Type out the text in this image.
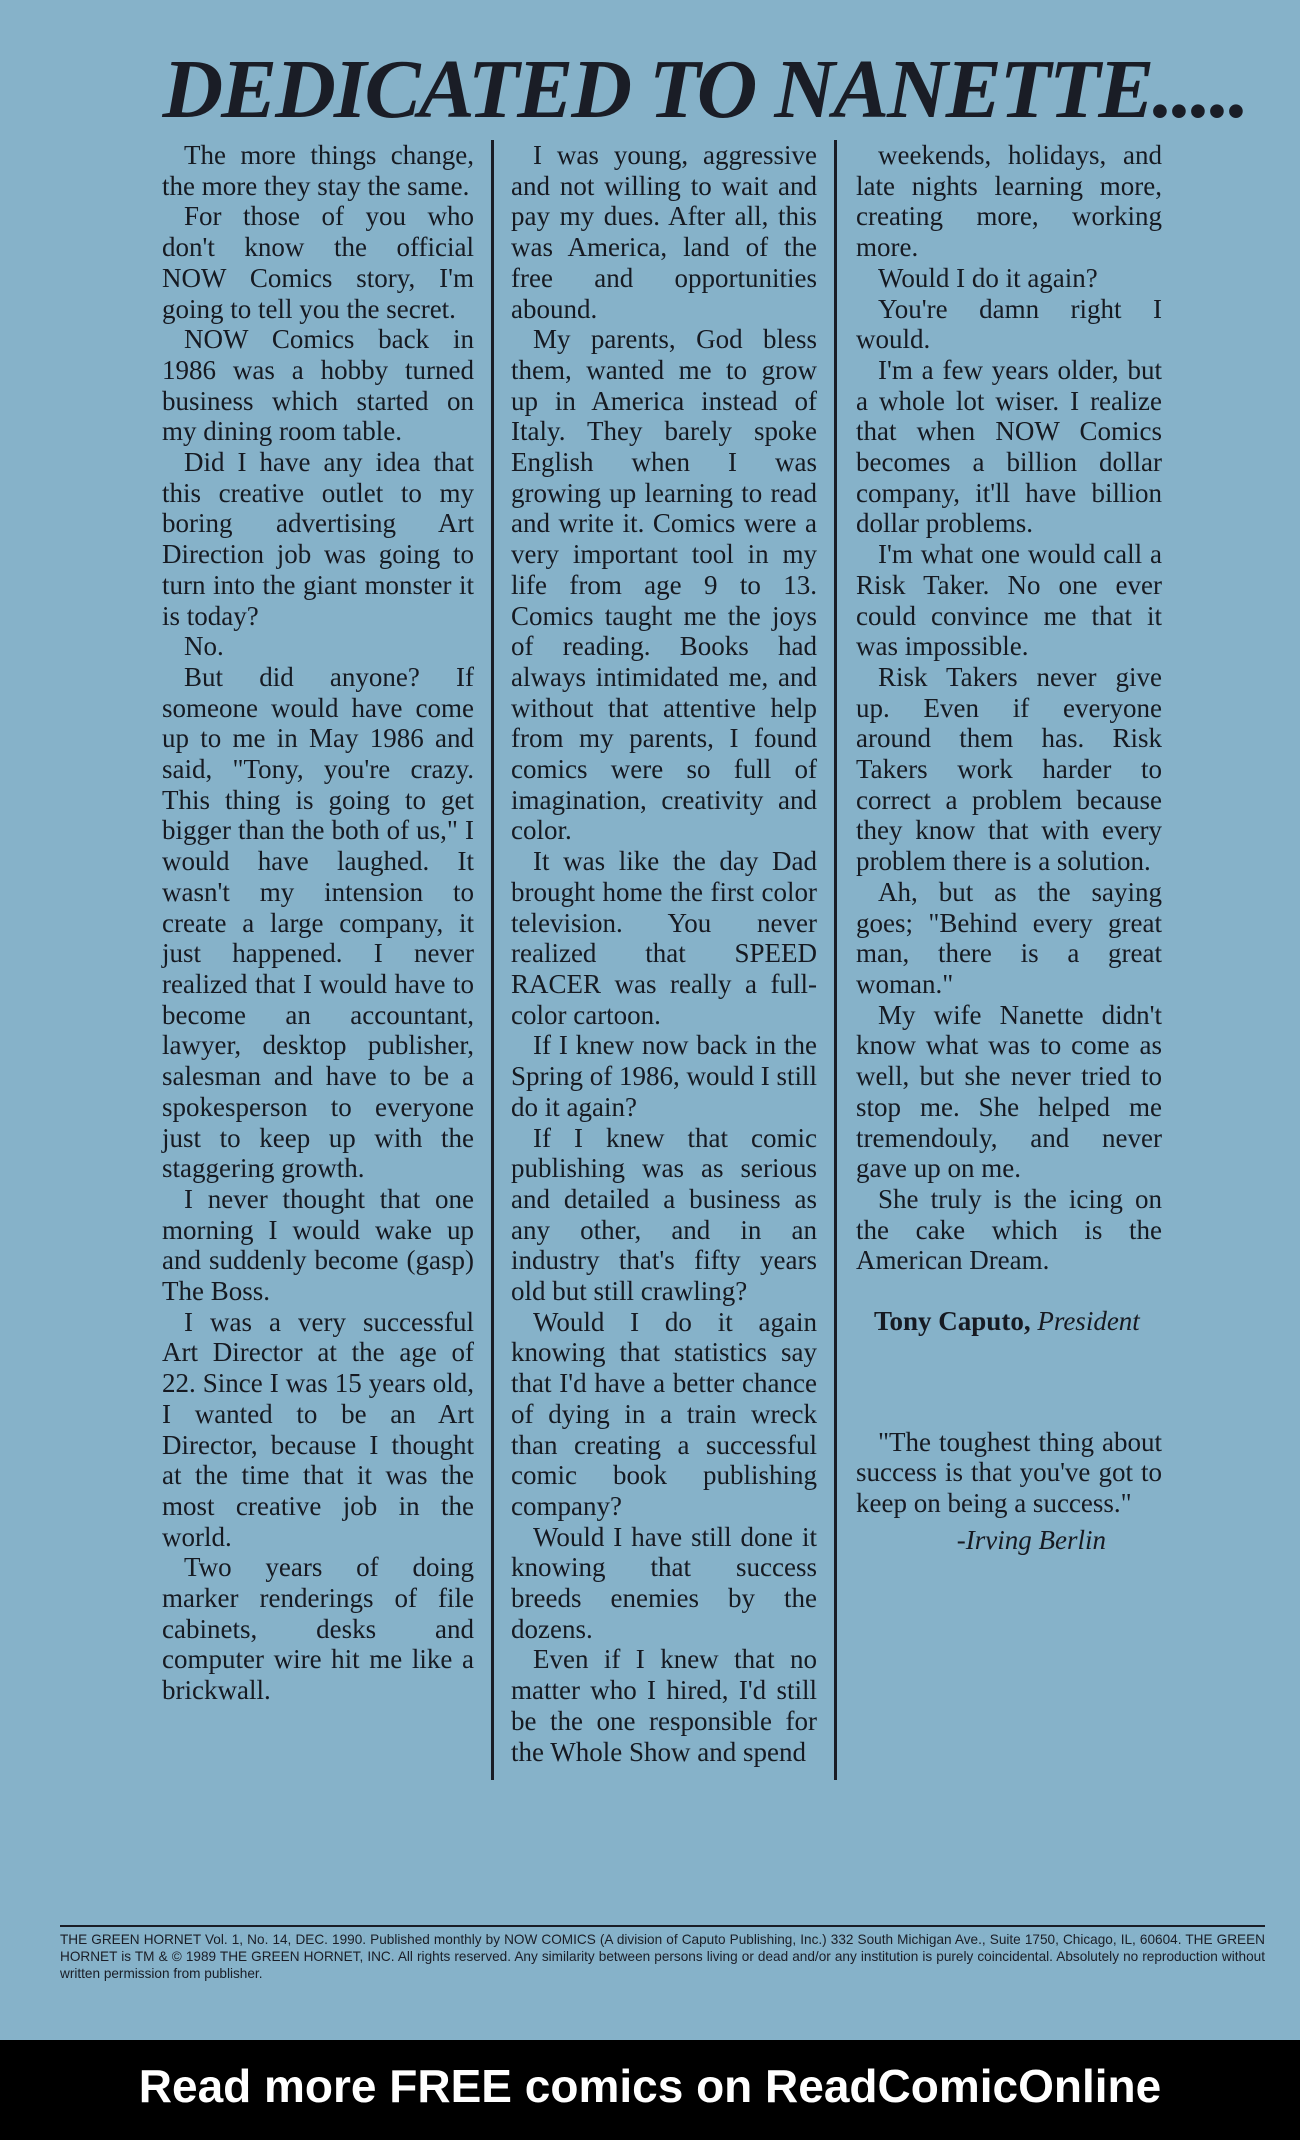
DEDICATED TO NANETTE.....

The more things change, the more they stay the same.

For those of you who don't know the official NOW Comics story, I'm going to tell you the secret.

NOW Comics back in 1986 was a hobby turned business which started on my dining room table.

Did I have any idea that this creative outlet to my boring advertising Art Direction job was going to turn into the giant monster it is today?

No.

But did anyone? If someone would have come up to me in May 1986 and said, "Tony, you're crazy. This thing is going to get bigger than the both of us," I would have laughed. It wasn't my intension to create a large company, it just happened. I never realized that I would have to become an accountant, lawyer, desktop publisher, salesman and have to be a spokesperson to everyone just to keep up with the staggering growth.

I never thought that one morning I would wake up and suddenly become (gasp) The Boss.

I was a very successful Art Director at the age of 22. Since I was 15 years old, I wanted to be an Art Director, because I thought at the time that it was the most creative job in the world.

Two years of doing marker renderings of file cabinets, desks and computer wire hit me like a brickwall.

I was young, aggressive and not willing to wait and pay my dues. After all, this was America, land of the free and opportunities abound.

My parents, God bless them, wanted me to grow up in America instead of Italy. They barely spoke English when I was growing up learning to read and write it. Comics were a very important tool in my life from age 9 to 13. Comics taught me the joys of reading. Books had always intimidated me, and without that attentive help from my parents, I found comics were so full of imagination, creativity and color.

It was like the day Dad brought home the first color television. You never realized that SPEED RACER was really a full-color cartoon.

If I knew now back in the Spring of 1986, would I still do it again?

If I knew that comic publishing was as serious and detailed a business as any other, and in an industry that's fifty years old but still crawling?

Would I do it again knowing that statistics say that I'd have a better chance of dying in a train wreck than creating a successful comic book publishing company?

Would I have still done it knowing that success breeds enemies by the dozens.

Even if I knew that no matter who I hired, I'd still be the one responsible for the Whole Show and spend

weekends, holidays, and late nights learning more, creating more, working more.

Would I do it again?

You're damn right I would.

I'm a few years older, but a whole lot wiser. I realize that when NOW Comics becomes a billion dollar company, it'll have billion dollar problems.

I'm what one would call a Risk Taker. No one ever could convince me that it was impossible.

Risk Takers never give up. Even if everyone around them has. Risk Takers work harder to correct a problem because they know that with every problem there is a solution.

Ah, but as the saying goes; "Behind every great man, there is a great woman."

My wife Nanette didn't know what was to come as well, but she never tried to stop me. She helped me tremendouly, and never gave up on me.

She truly is the icing on the cake which is the American Dream.

Tony Caputo, President

"The toughest thing about success is that you've got to keep on being a success."

-Irving Berlin

THE GREEN HORNET Vol. 1, No. 14, DEC. 1990. Published monthly by NOW COMICS (A division of Caputo Publishing, Inc.) 332 South Michigan Ave., Suite 1750, Chicago, IL, 60604. THE GREEN HORNET is TM & © 1989 THE GREEN HORNET, INC. All rights reserved. Any similarity between persons living or dead and/or any institution is purely coincidental. Absolutely no reproduction without written permission from publisher.
Read more FREE comics on ReadComicOnline
